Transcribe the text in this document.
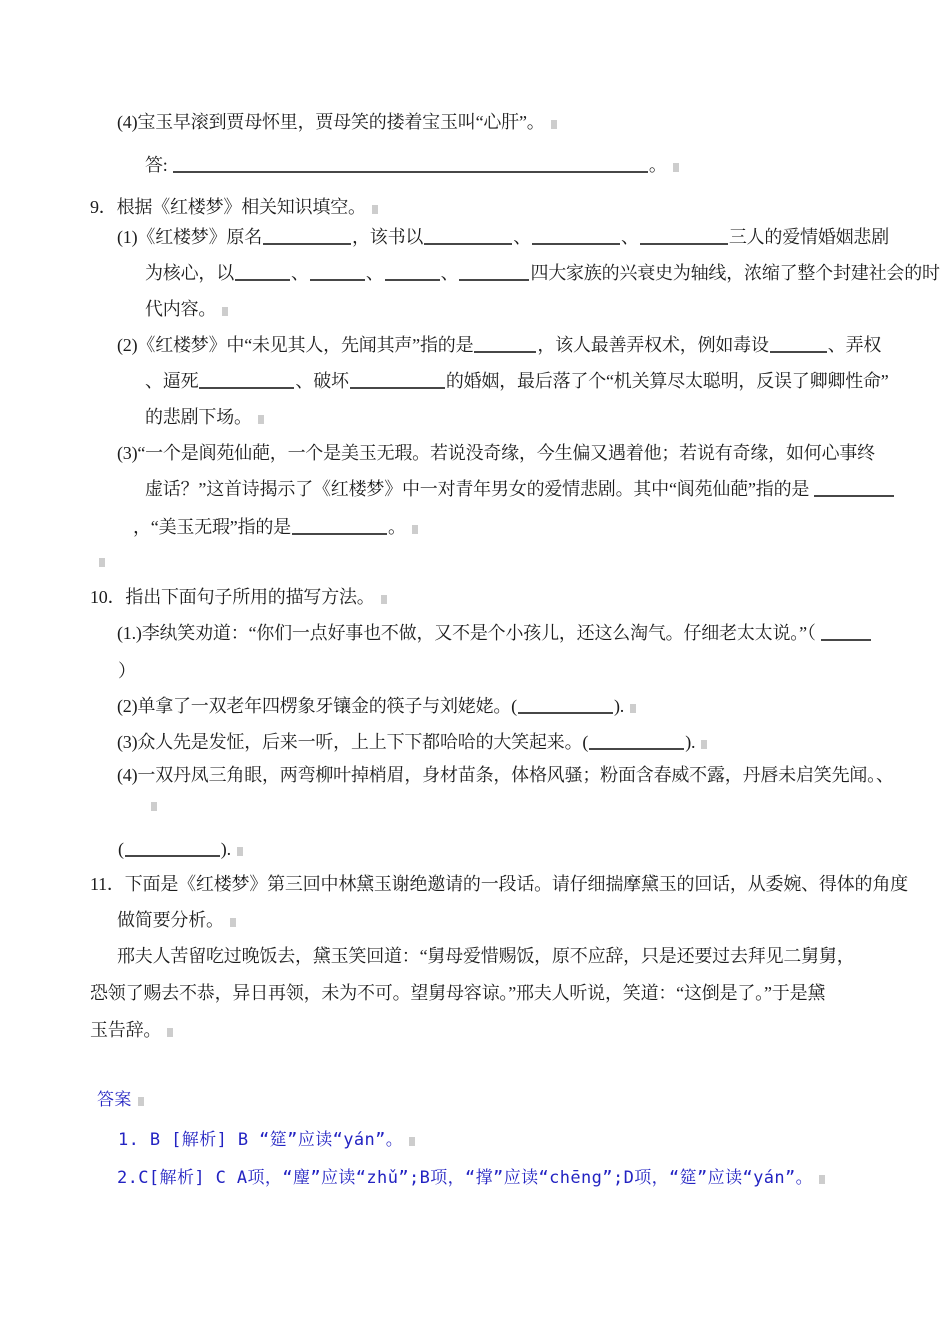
(4)宝玉早滚到贾母怀里，贾母笑的搂着宝玉叫“心肝”。
答:	。
9．根据《红楼梦》相关知识填空。
(1)《红楼梦》原名	，该书以	、	、	三人的爱情婚姻悲剧
为核心，以	、	、	、	四大家族的兴衰史为轴线，浓缩了整个封建社会的时
代内容。
(2)《红楼梦》中“未见其人，先闻其声”指的是	，该人最善弄权术，例如毒设	、弄权
、逼死	、破坏	的婚姻，最后落了个“机关算尽太聪明，反误了卿卿性命”
的悲剧下场。
(3)“一个是阆苑仙葩，一个是美玉无瑕。若说没奇缘，今生偏又遇着他；若说有奇缘，如何心事终
虚话？”这首诗揭示了《红楼梦》中一对青年男女的爱情悲剧。其中“阆苑仙葩”指的是
，“美玉无瑕”指的是	。
10．指出下面句子所用的描写方法。
(1.)李纨笑劝道：“你们一点好事也不做，又不是个小孩儿，还这么淘气。仔细老太太说。”（
）
(2)单拿了一双老年四楞象牙镶金的筷子与刘姥姥。(	).
(3)众人先是发怔，后来一听，上上下下都哈哈的大笑起来。(	).
(4)一双丹凤三角眼，两弯柳叶掉梢眉，身材苗条，体格风骚；粉面含春威不露，丹唇未启笑先闻。、
(	).
11．下面是《红楼梦》第三回中林黛玉谢绝邀请的一段话。请仔细揣摩黛玉的回话，从委婉、得体的角度
做简要分析。
邢夫人苦留吃过晚饭去，黛玉笑回道：“舅母爱惜赐饭，原不应辞，只是还要过去拜见二舅舅，
恐领了赐去不恭，异日再领，未为不可。望舅母容谅。”邢夫人听说，笑道：“这倒是了。”于是黛
玉告辞。
答案
1. B [解析] B “筵”应读“yán”。
2.C[解析] C A项，“麈”应读“zhǔ”;B项，“撑”应读“chēng”;D项，“筵”应读“yán”。
